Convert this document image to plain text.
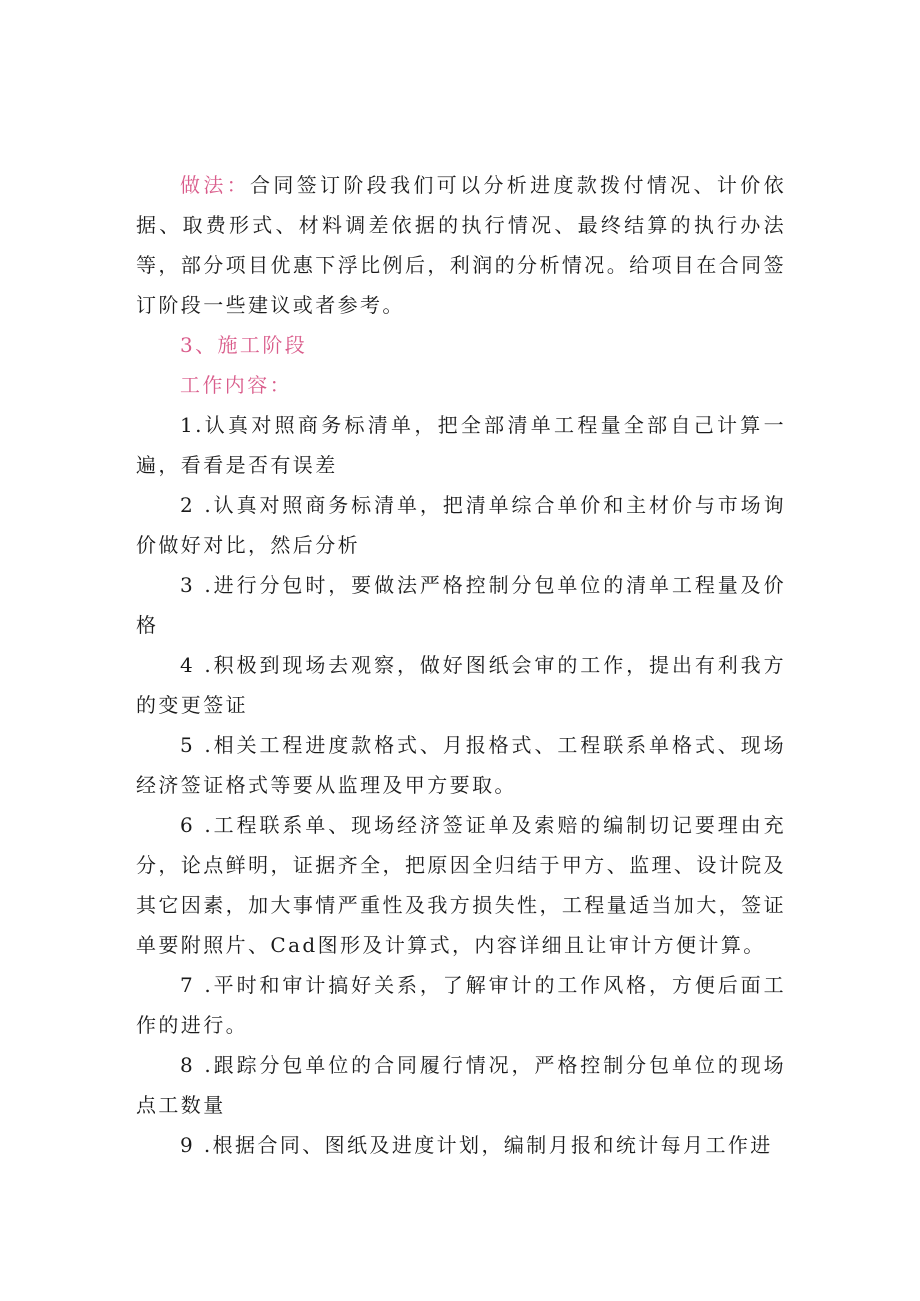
做法：合同签订阶段我们可以分析进度款拨付情况、计价依据、取费形式、材料调差依据的执行情况、最终结算的执行办法等，部分项目优惠下浮比例后，利润的分析情况。给项目在合同签订阶段一些建议或者参考。

3、施工阶段

工作内容：

1.认真对照商务标清单，把全部清单工程量全部自己计算一遍，看看是否有误差

2 .认真对照商务标清单，把清单综合单价和主材价与市场询价做好对比，然后分析

3 .进行分包时，要做法严格控制分包单位的清单工程量及价格

4 .积极到现场去观察，做好图纸会审的工作，提出有利我方的变更签证

5 .相关工程进度款格式、月报格式、工程联系单格式、现场经济签证格式等要从监理及甲方要取。

6 .工程联系单、现场经济签证单及索赔的编制切记要理由充分，论点鲜明，证据齐全，把原因全归结于甲方、监理、设计院及其它因素，加大事情严重性及我方损失性，工程量适当加大，签证单要附照片、Cad图形及计算式，内容详细且让审计方便计算。

7 .平时和审计搞好关系，了解审计的工作风格，方便后面工作的进行。

8 .跟踪分包单位的合同履行情况，严格控制分包单位的现场点工数量

9 .根据合同、图纸及进度计划，编制月报和统计每月工作进
